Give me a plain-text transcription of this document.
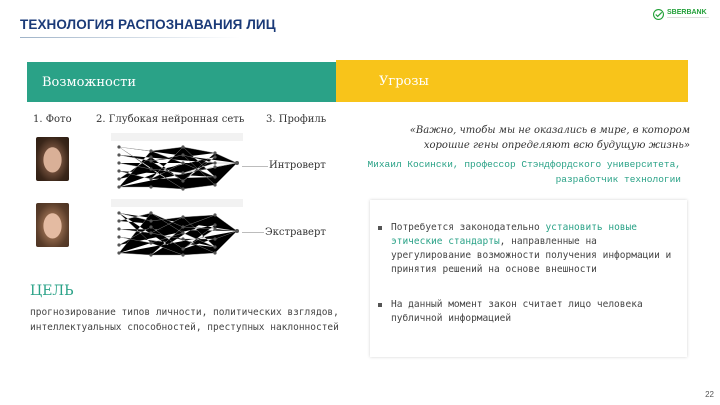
ТЕХНОЛОГИЯ РАСПОЗНАВАНИЯ ЛИЦ
SBERBANK
————————————
Возможности	Угрозы
1. Фото 2. Глубокая нейронная сеть 3. Профиль
Интроверт
Экстраверт
ЦЕЛЬ
прогнозирование типов личности, политических взглядов, интеллектуальных способностей, преступных наклонностей
«Важно, чтобы мы не оказались в мире, в котором хорошие гены определяют всю будущую жизнь»
Михаил Косински, профессор Стэндфордского университета, разработчик технологии
Потребуется законодательно установить новые этические стандарты, направленные на урегулирование возможности получения информации и принятия решений на основе внешности
На данный момент закон считает лицо человека публичной информацией
22
